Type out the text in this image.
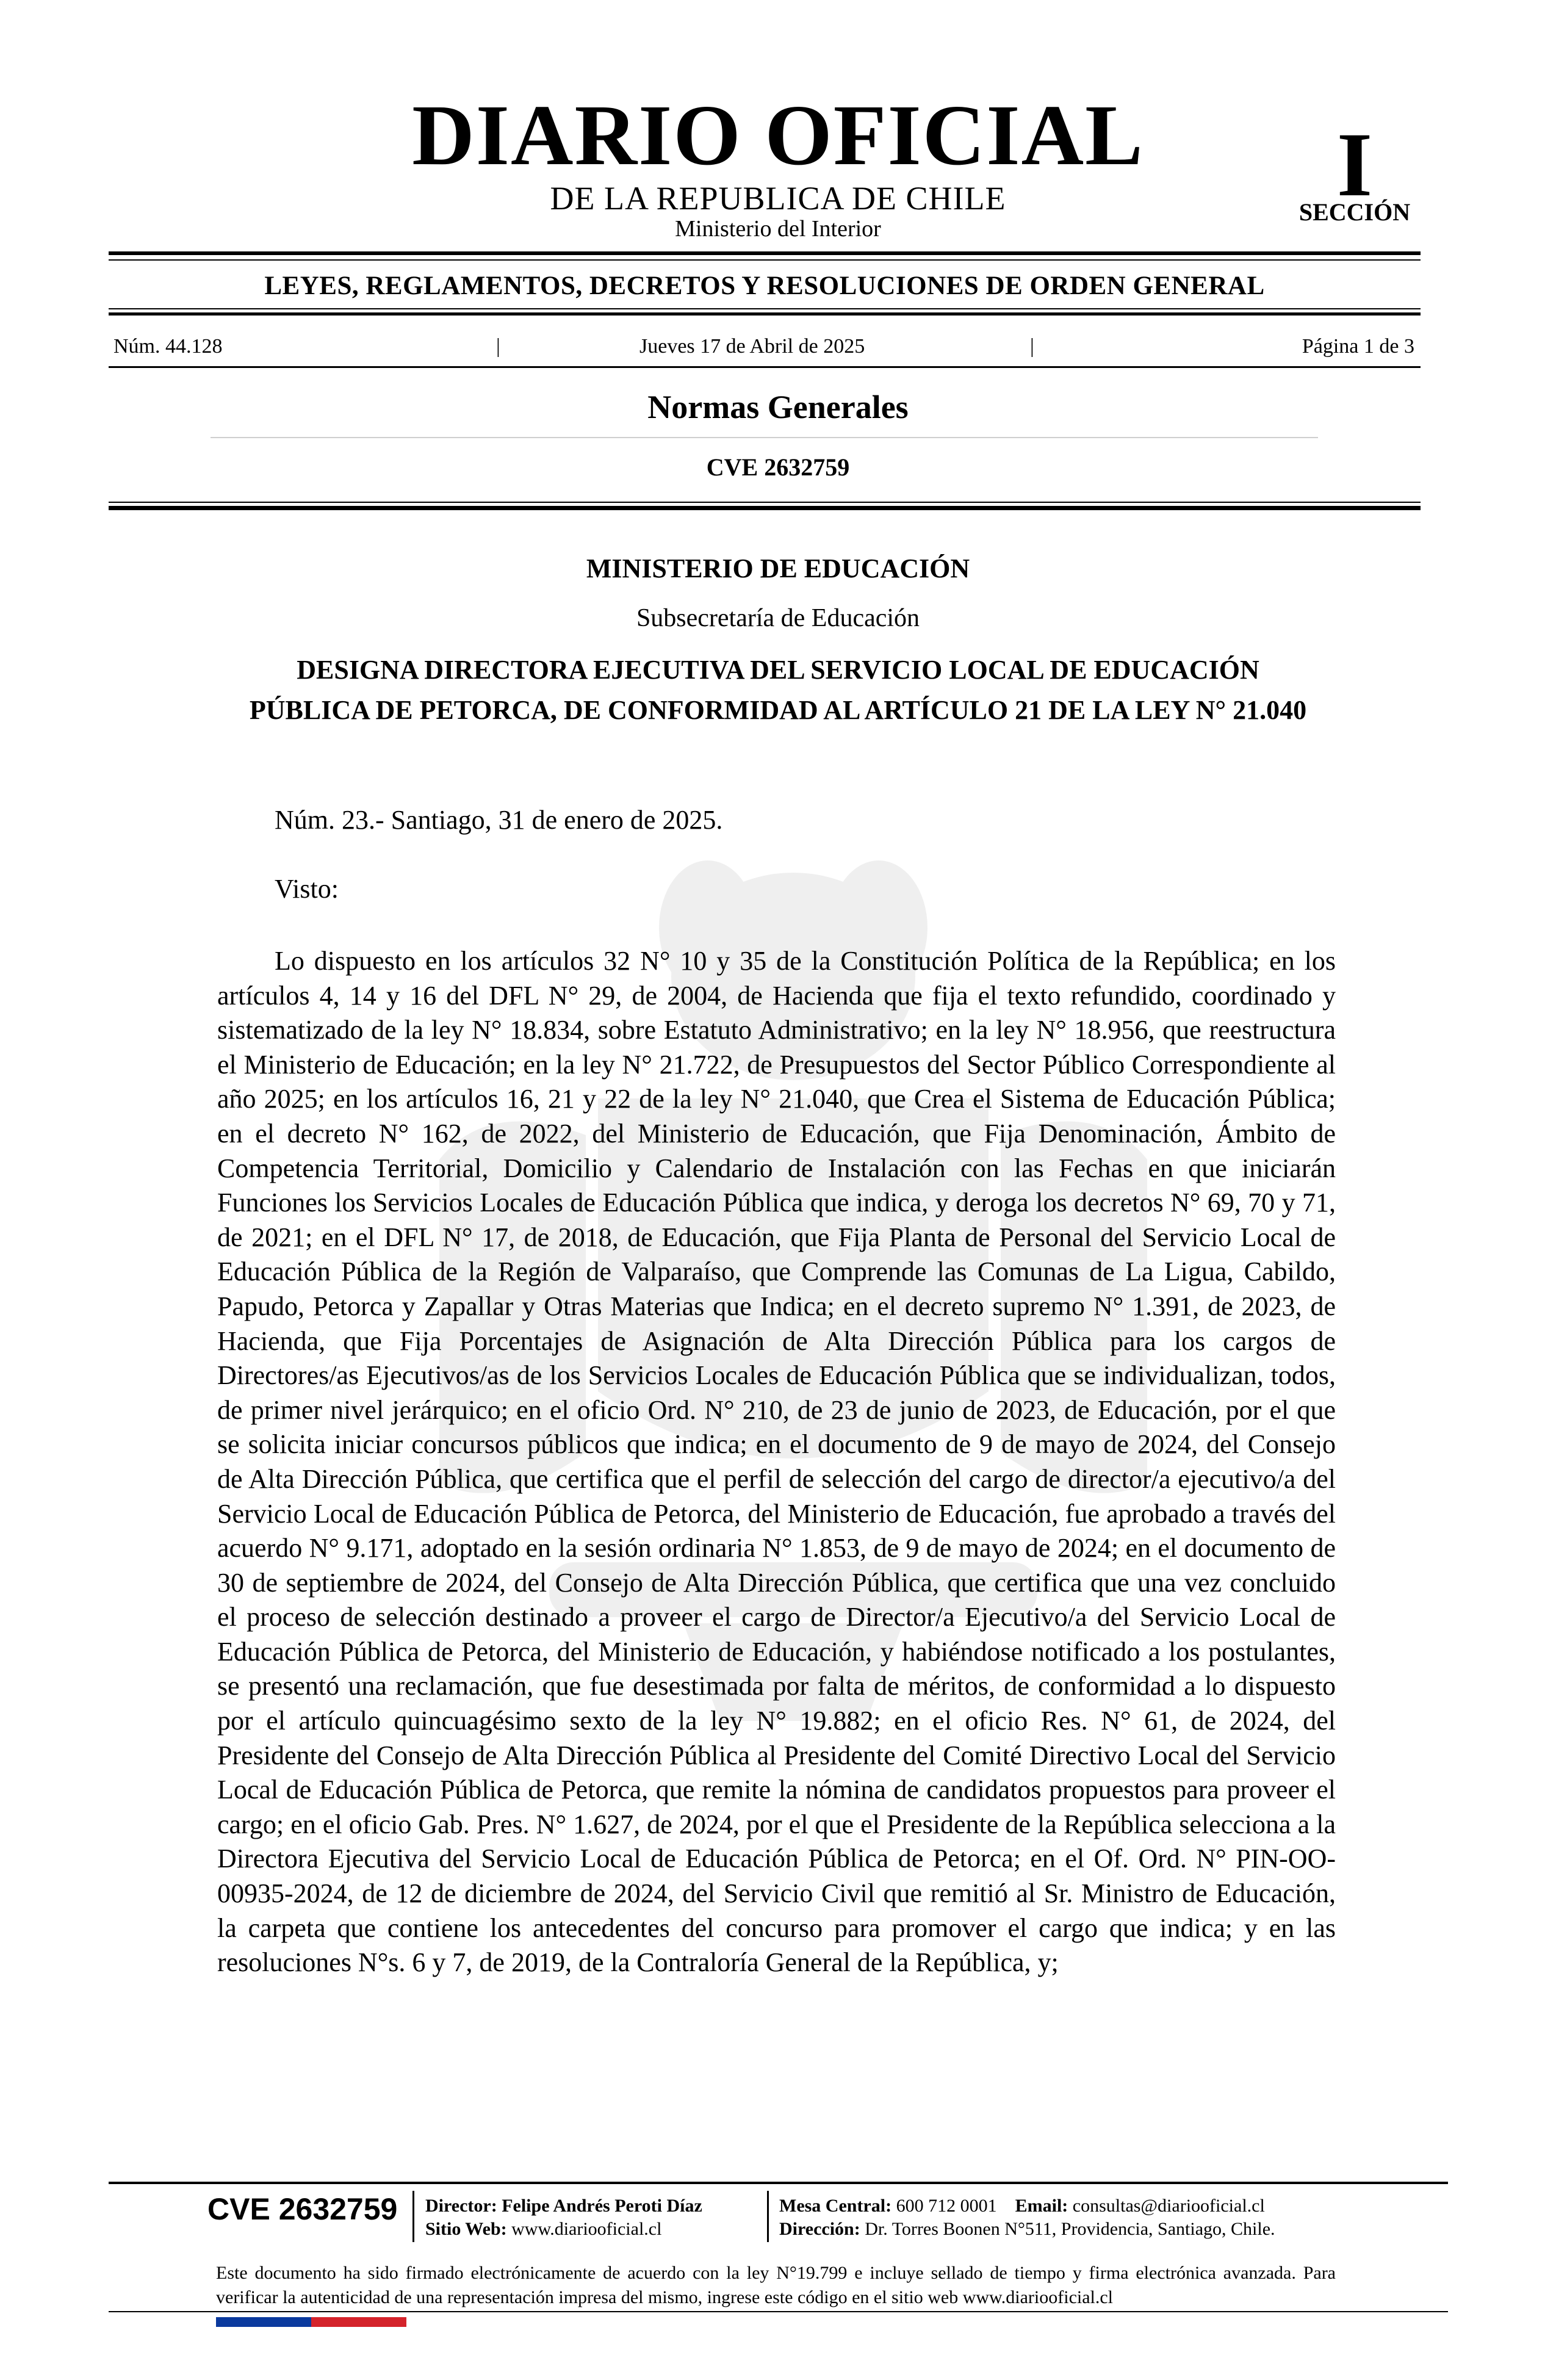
DIARIO OFICIAL
DE LA REPUBLICA DE CHILE
Ministerio del Interior
I
SECCIÓN
LEYES, REGLAMENTOS, DECRETOS Y RESOLUCIONES DE ORDEN GENERAL
Núm. 44.128	|	Jueves 17 de Abril de 2025	|	Página 1 de 3
Normas Generales
CVE 2632759
MINISTERIO DE EDUCACIÓN
Subsecretaría de Educación
DESIGNA DIRECTORA EJECUTIVA DEL SERVICIO LOCAL DE EDUCACIÓN PÚBLICA DE PETORCA, DE CONFORMIDAD AL ARTÍCULO 21 DE LA LEY N° 21.040
Núm. 23.- Santiago, 31 de enero de 2025.
Visto:
Lo dispuesto en los artículos 32 N° 10 y 35 de la Constitución Política de la República; en los artículos 4, 14 y 16 del DFL N° 29, de 2004, de Hacienda que fija el texto refundido, coordinado y sistematizado de la ley N° 18.834, sobre Estatuto Administrativo; en la ley N° 18.956, que reestructura el Ministerio de Educación; en la ley N° 21.722, de Presupuestos del Sector Público Correspondiente al año 2025; en los artículos 16, 21 y 22 de la ley N° 21.040, que Crea el Sistema de Educación Pública; en el decreto N° 162, de 2022, del Ministerio de Educación, que Fija Denominación, Ámbito de Competencia Territorial, Domicilio y Calendario de Instalación con las Fechas en que iniciarán Funciones los Servicios Locales de Educación Pública que indica, y deroga los decretos N° 69, 70 y 71, de 2021; en el DFL N° 17, de 2018, de Educación, que Fija Planta de Personal del Servicio Local de Educación Pública de la Región de Valparaíso, que Comprende las Comunas de La Ligua, Cabildo, Papudo, Petorca y Zapallar y Otras Materias que Indica; en el decreto supremo N° 1.391, de 2023, de Hacienda, que Fija Porcentajes de Asignación de Alta Dirección Pública para los cargos de Directores/as Ejecutivos/as de los Servicios Locales de Educación Pública que se individualizan, todos, de primer nivel jerárquico; en el oficio Ord. N° 210, de 23 de junio de 2023, de Educación, por el que se solicita iniciar concursos públicos que indica; en el documento de 9 de mayo de 2024, del Consejo de Alta Dirección Pública, que certifica que el perfil de selección del cargo de director/a ejecutivo/a del Servicio Local de Educación Pública de Petorca, del Ministerio de Educación, fue aprobado a través del acuerdo N° 9.171, adoptado en la sesión ordinaria N° 1.853, de 9 de mayo de 2024; en el documento de 30 de septiembre de 2024, del Consejo de Alta Dirección Pública, que certifica que una vez concluido el proceso de selección destinado a proveer el cargo de Director/a Ejecutivo/a del Servicio Local de Educación Pública de Petorca, del Ministerio de Educación, y habiéndose notificado a los postulantes, se presentó una reclamación, que fue desestimada por falta de méritos, de conformidad a lo dispuesto por el artículo quincuagésimo sexto de la ley N° 19.882; en el oficio Res. N° 61, de 2024, del Presidente del Consejo de Alta Dirección Pública al Presidente del Comité Directivo Local del Servicio Local de Educación Pública de Petorca, que remite la nómina de candidatos propuestos para proveer el cargo; en el oficio Gab. Pres. N° 1.627, de 2024, por el que el Presidente de la República selecciona a la Directora Ejecutiva del Servicio Local de Educación Pública de Petorca; en el Of. Ord. N° PIN-OO-00935-2024, de 12 de diciembre de 2024, del Servicio Civil que remitió al Sr. Ministro de Educación, la carpeta que contiene los antecedentes del concurso para promover el cargo que indica; y en las resoluciones N°s. 6 y 7, de 2019, de la Contraloría General de la República, y;
CVE 2632759 Director: Felipe Andrés Peroti Díaz
Sitio Web: www.diariooficial.cl
Mesa Central: 600 712 0001 Email: consultas@diariooficial.cl
Dirección: Dr. Torres Boonen N°511, Providencia, Santiago, Chile.
Este documento ha sido firmado electrónicamente de acuerdo con la ley N°19.799 e incluye sellado de tiempo y firma electrónica avanzada. Para verificar la autenticidad de una representación impresa del mismo, ingrese este código en el sitio web www.diariooficial.cl
